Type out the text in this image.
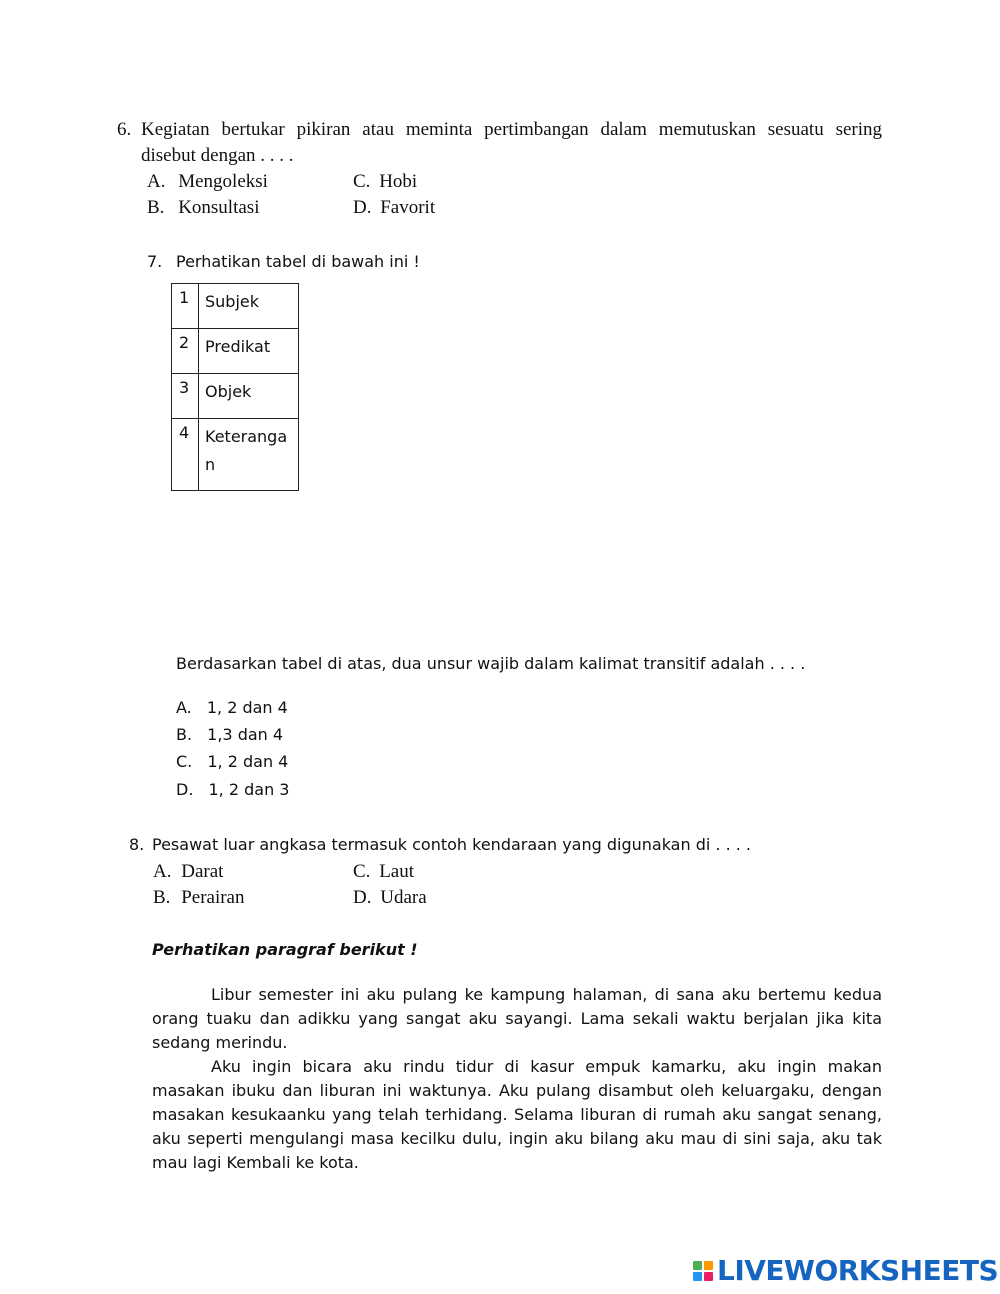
6. Kegiatan bertukar pikiran atau meminta pertimbangan dalam memutuskan sesuatu sering
disebut dengan . . . .
A. Mengoleksi	C. Hobi
B. Konsultasi	D. Favorit
7. Perhatikan tabel di bawah ini !
1	Subjek
2	Predikat
3	Objek
4	Keteranga
n
Berdasarkan tabel di atas, dua unsur wajib dalam kalimat transitif adalah . . . .
A. 1, 2 dan 4
B. 1,3 dan 4
C. 1, 2 dan 4
D. 1, 2 dan 3
8. Pesawat luar angkasa termasuk contoh kendaraan yang digunakan di . . . .
A. Darat	C. Laut
B. Perairan	D. Udara
Perhatikan paragraf berikut !
Libur semester ini aku pulang ke kampung halaman, di sana aku bertemu kedua orang tuaku dan adikku yang sangat aku sayangi. Lama sekali waktu berjalan jika kita sedang merindu.
Aku ingin bicara aku rindu tidur di kasur empuk kamarku, aku ingin makan masakan ibuku dan liburan ini waktunya. Aku pulang disambut oleh keluargaku, dengan masakan kesukaanku yang telah terhidang. Selama liburan di rumah aku sangat senang, aku seperti mengulangi masa kecilku dulu, ingin aku bilang aku mau di sini saja, aku tak mau lagi Kembali ke kota.
LIVEWORKSHEETS
